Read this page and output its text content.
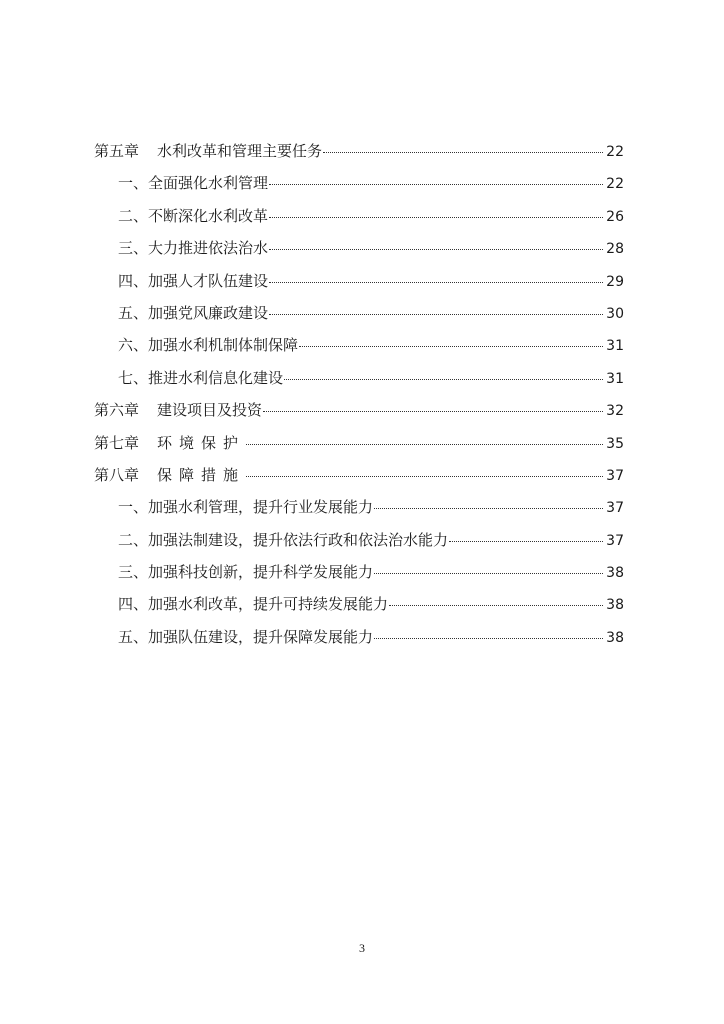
第五章 水利改革和管理主要任务	22
一、全面强化水利管理	22
二、不断深化水利改革	26
三、大力推进依法治水	28
四、加强人才队伍建设	29
五、加强党风廉政建设	30
六、加强水利机制体制保障	31
七、推进水利信息化建设	31
第六章 建设项目及投资	32
第七章 环境保护	35
第八章 保障措施	37
一、加强水利管理，提升行业发展能力	37
二、加强法制建设，提升依法行政和依法治水能力	37
三、加强科技创新，提升科学发展能力	38
四、加强水利改革，提升可持续发展能力	38
五、加强队伍建设，提升保障发展能力	38
3
